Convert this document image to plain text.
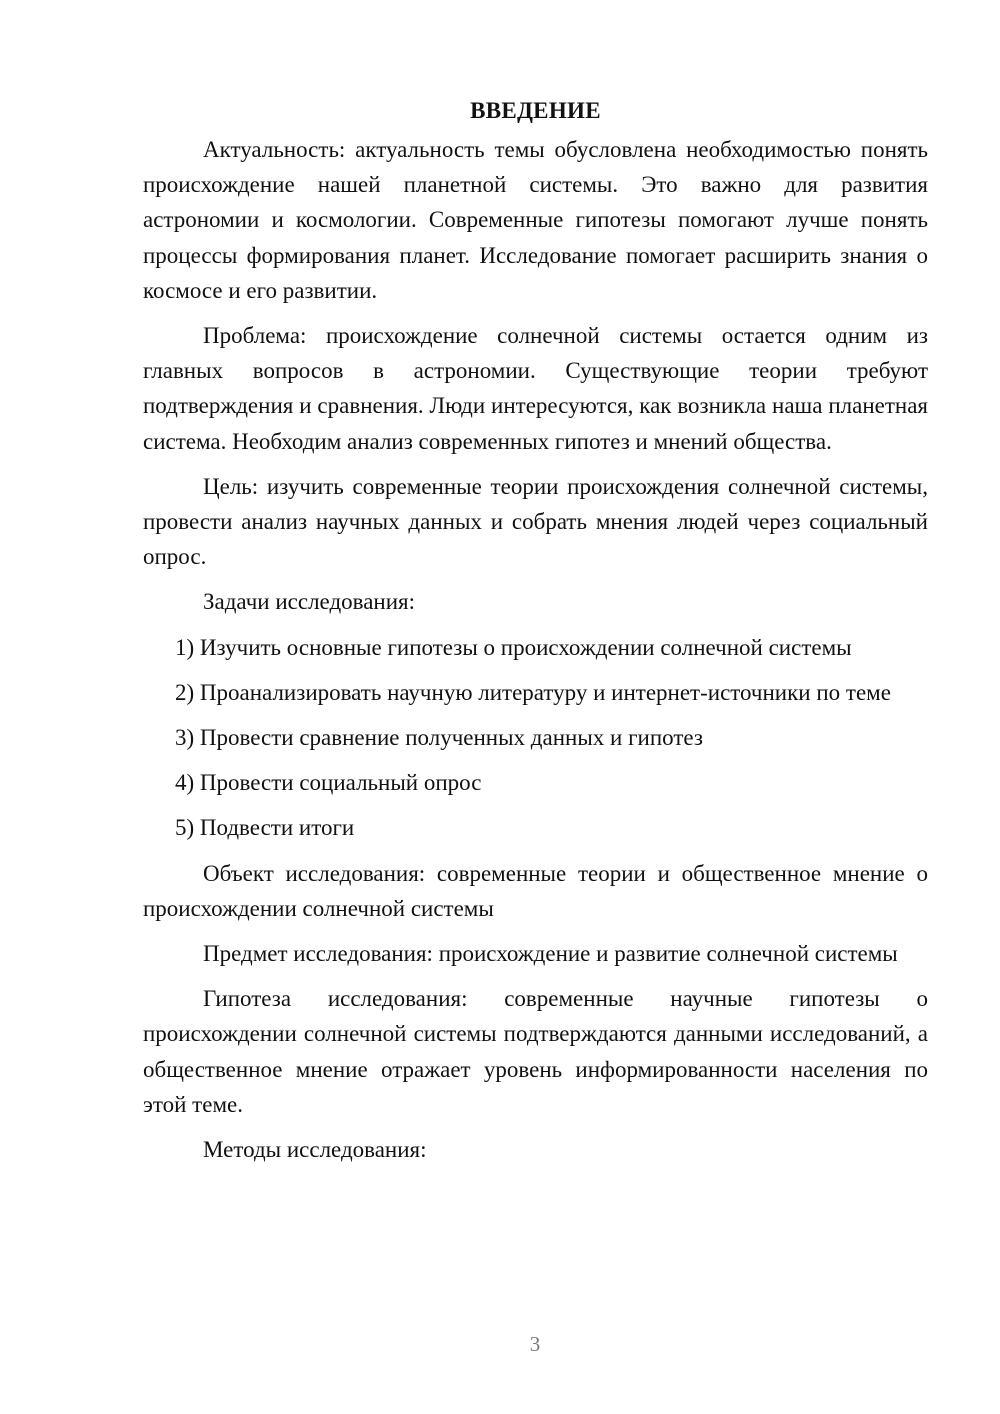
ВВЕДЕНИЕ

Актуальность: актуальность темы обусловлена необходимостью понять происхождение нашей планетной системы. Это важно для развития астрономии и космологии. Современные гипотезы помогают лучше понять процессы формирования планет. Исследование помогает расширить знания о космосе и его развитии.

Проблема: происхождение солнечной системы остается одним из главных вопросов в астрономии. Существующие теории требуют подтверждения и сравнения. Люди интересуются, как возникла наша планетная система. Необходим анализ современных гипотез и мнений общества.

Цель: изучить современные теории происхождения солнечной системы, провести анализ научных данных и собрать мнения людей через социальный опрос.

Задачи исследования:

1) Изучить основные гипотезы о происхождении солнечной системы

2) Проанализировать научную литературу и интернет-источники по теме

3) Провести сравнение полученных данных и гипотез

4) Провести социальный опрос

5) Подвести итоги

Объект исследования: современные теории и общественное мнение о происхождении солнечной системы

Предмет исследования: происхождение и развитие солнечной системы

Гипотеза исследования: современные научные гипотезы о происхождении солнечной системы подтверждаются данными исследований, а общественное мнение отражает уровень информированности населения по этой теме.

Методы исследования:

3
